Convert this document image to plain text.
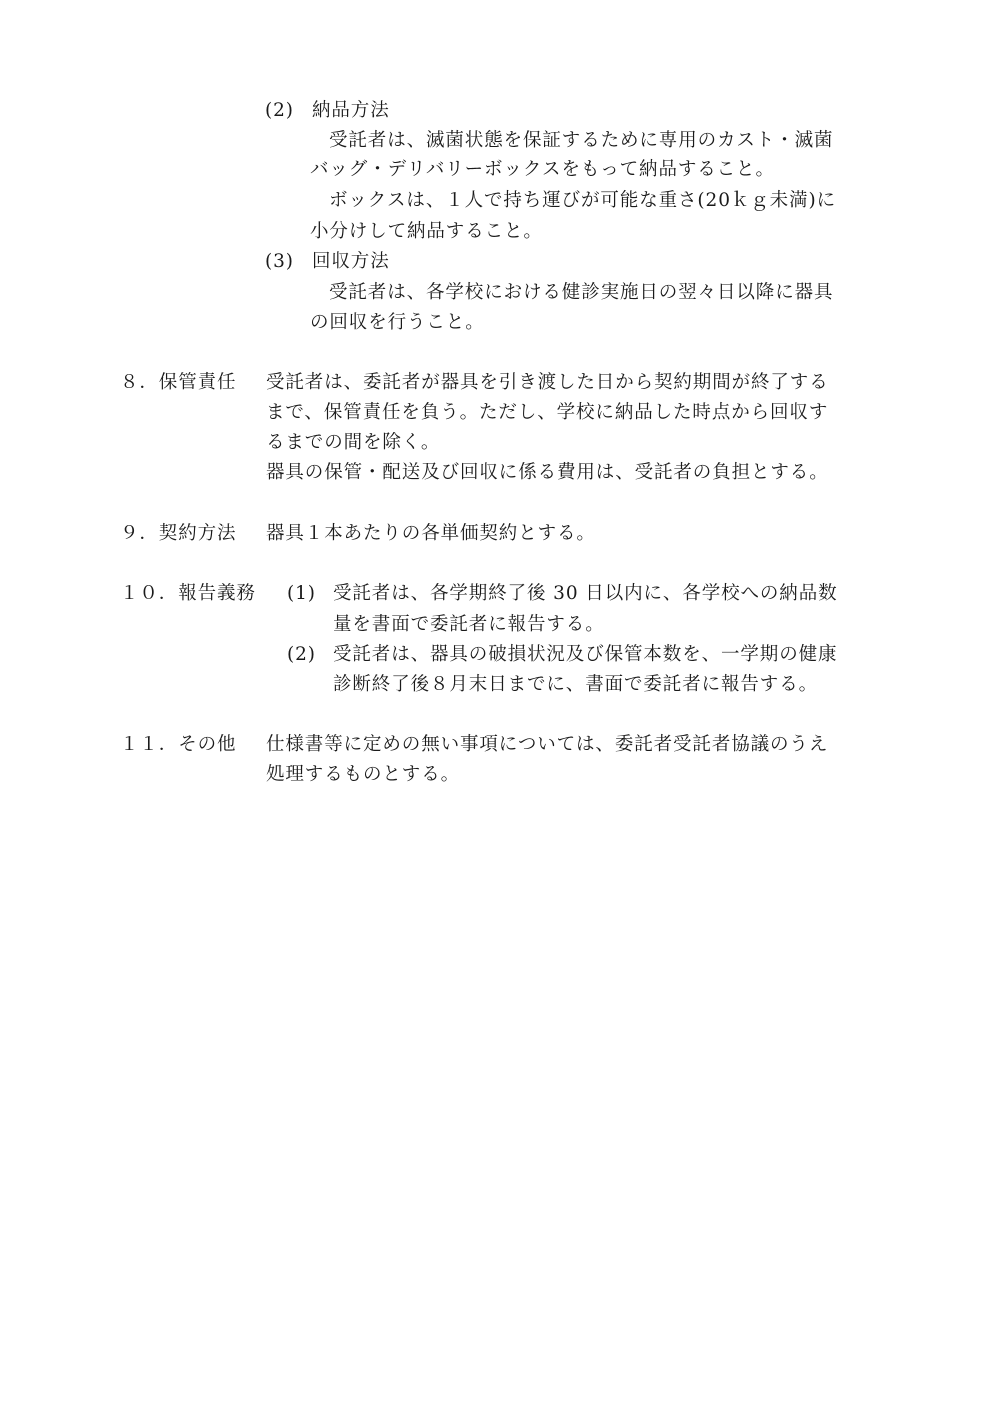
(2) 納品方法
受託者は、滅菌状態を保証するために専用のカスト・滅菌
バッグ・デリバリーボックスをもって納品すること。
ボックスは、１人で持ち運びが可能な重さ(20ｋｇ未満)に
小分けして納品すること。
(3) 回収方法
受託者は、各学校における健診実施日の翌々日以降に器具
の回収を行うこと。
８．保管責任 受託者は、委託者が器具を引き渡した日から契約期間が終了する
まで、保管責任を負う。ただし、学校に納品した時点から回収す
るまでの間を除く。
器具の保管・配送及び回収に係る費用は、受託者の負担とする。
９．契約方法 器具１本あたりの各単価契約とする。
１０．報告義務 (1) 受託者は、各学期終了後 30 日以内に、各学校への納品数
量を書面で委託者に報告する。
(2) 受託者は、器具の破損状況及び保管本数を、一学期の健康
診断終了後８月末日までに、書面で委託者に報告する。
１１．その他 仕様書等に定めの無い事項については、委託者受託者協議のうえ
処理するものとする。
